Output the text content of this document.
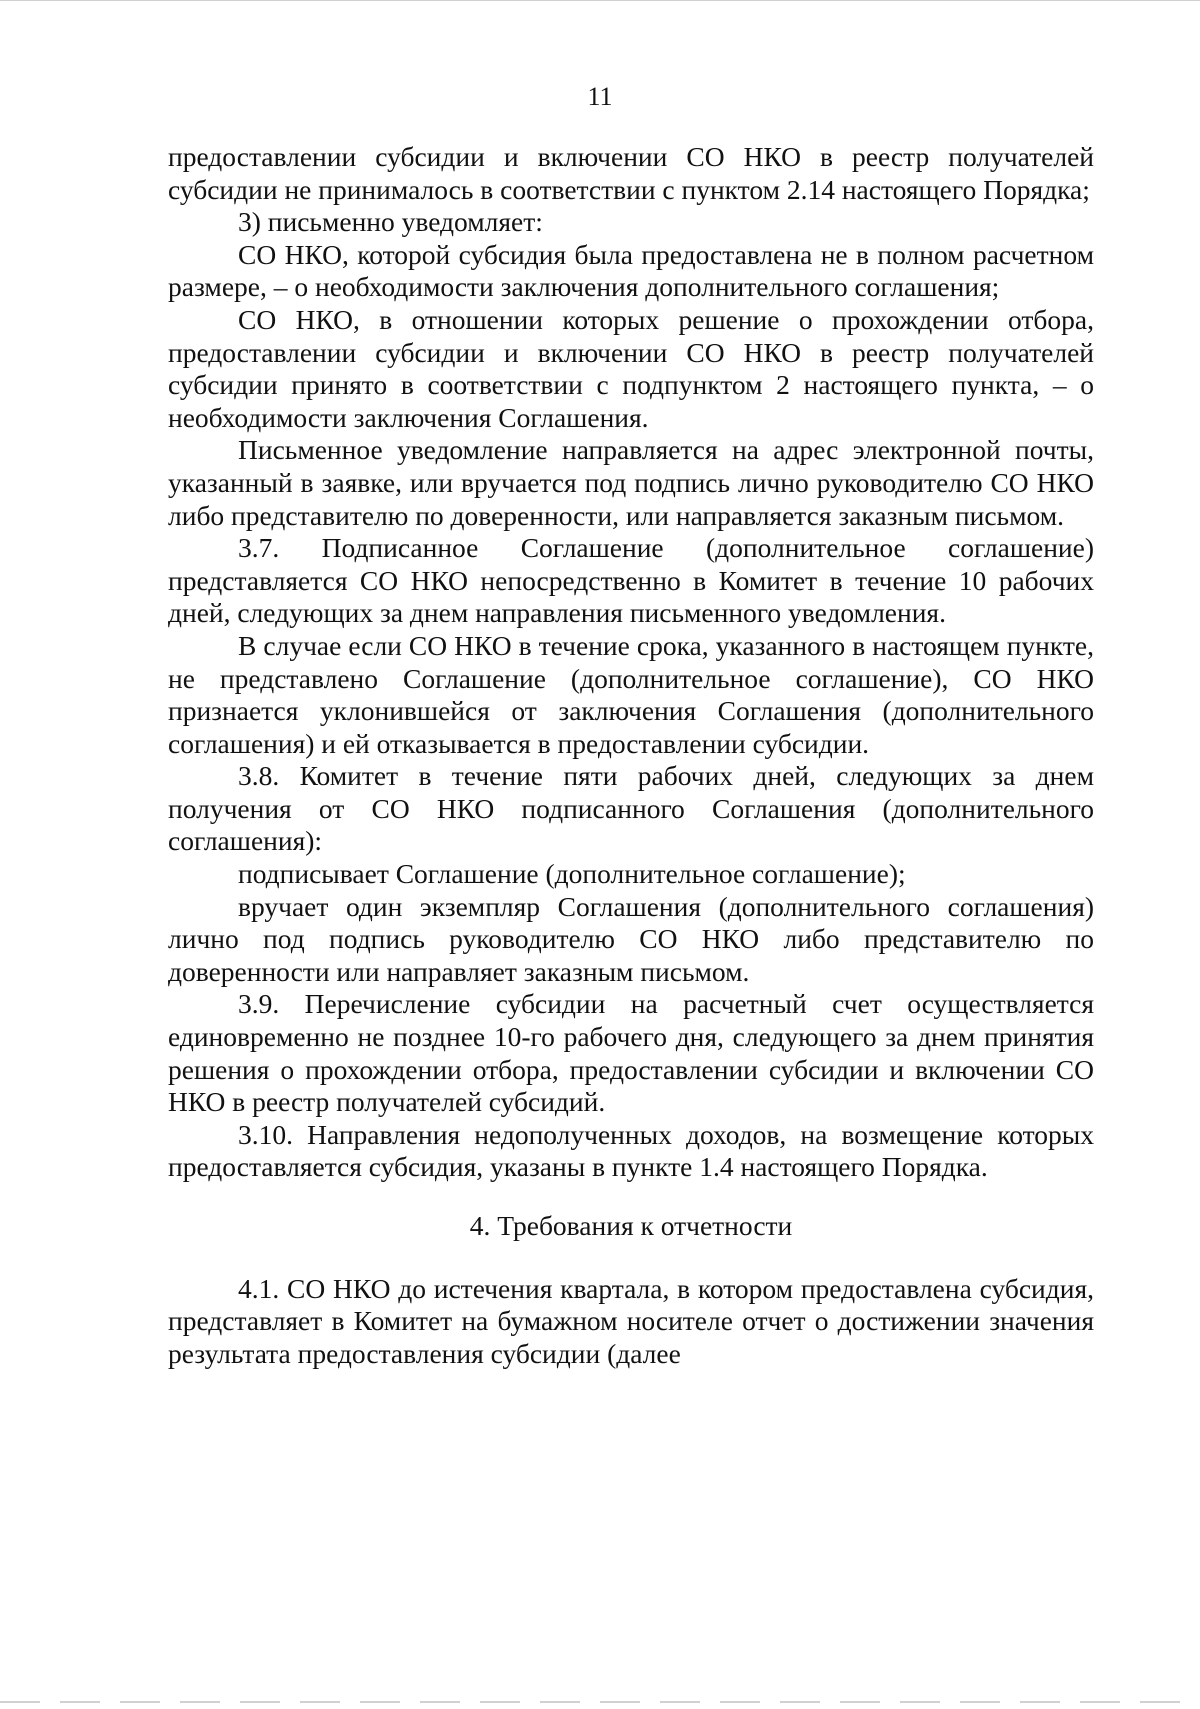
11

предоставлении субсидии и включении СО НКО в реестр получателей субсидии не принималось в соответствии с пунктом 2.14 настоящего Порядка;

3) письменно уведомляет:

СО НКО, которой субсидия была предоставлена не в полном расчетном размере, – о необходимости заключения дополнительного соглашения;

СО НКО, в отношении которых решение о прохождении отбора, предоставлении субсидии и включении СО НКО в реестр получателей субсидии принято в соответствии с подпунктом 2 настоящего пункта, – о необходимости заключения Соглашения.

Письменное уведомление направляется на адрес электронной почты, указанный в заявке, или вручается под подпись лично руководителю СО НКО либо представителю по доверенности, или направляется заказным письмом.

3.7. Подписанное Соглашение (дополнительное соглашение) представляется СО НКО непосредственно в Комитет в течение 10 рабочих дней, следующих за днем направления письменного уведомления.

В случае если СО НКО в течение срока, указанного в настоящем пункте, не представлено Соглашение (дополнительное соглашение), СО НКО признается уклонившейся от заключения Соглашения (дополнительного соглашения) и ей отказывается в предоставлении субсидии.

3.8. Комитет в течение пяти рабочих дней, следующих за днем получения от СО НКО подписанного Соглашения (дополнительного соглашения):

подписывает Соглашение (дополнительное соглашение);

вручает один экземпляр Соглашения (дополнительного соглашения) лично под подпись руководителю СО НКО либо представителю по доверенности или направляет заказным письмом.

3.9. Перечисление субсидии на расчетный счет осуществляется единовременно не позднее 10-го рабочего дня, следующего за днем принятия решения о прохождении отбора, предоставлении субсидии и включении СО НКО в реестр получателей субсидий.

3.10. Направления недополученных доходов, на возмещение которых предоставляется субсидия, указаны в пункте 1.4 настоящего Порядка.

4. Требования к отчетности

4.1. СО НКО до истечения квартала, в котором предоставлена субсидия, представляет в Комитет на бумажном носителе отчет о достижении значения результата предоставления субсидии (далее
